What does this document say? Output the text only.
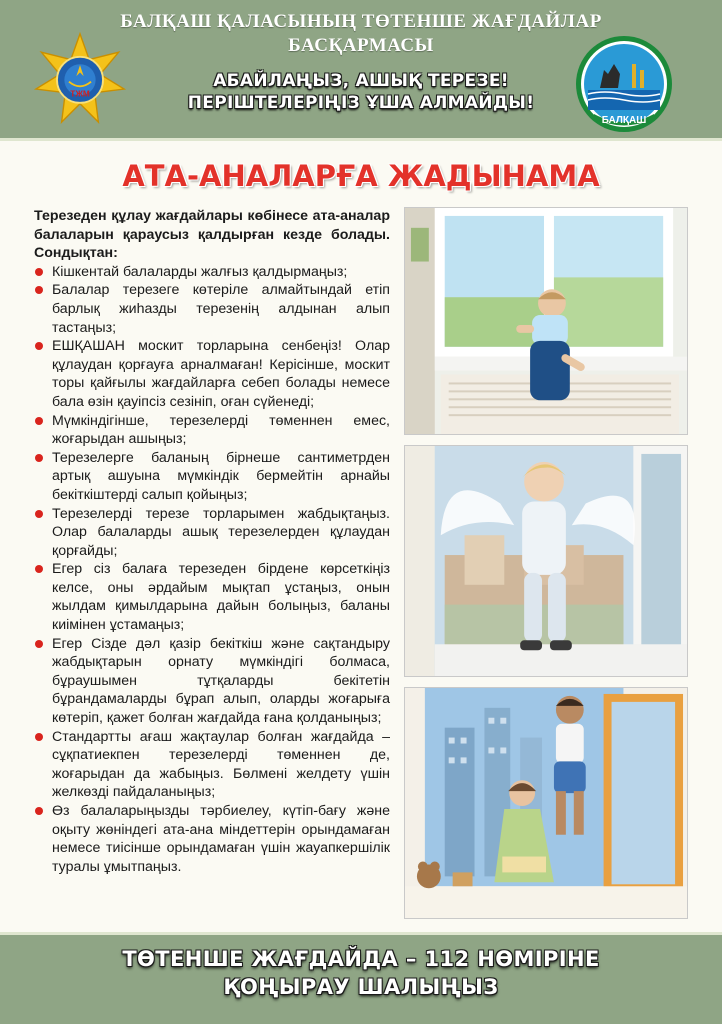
БАЛҚАШ ҚАЛАСЫНЫҢ ТӨТЕНШЕ ЖАҒДАЙЛАР
БАСҚАРМАСЫ
ТЖМ
БАЛҚАШ
АБАЙЛАҢЫЗ, АШЫҚ ТЕРЕЗЕ!
ПЕРІШТЕЛЕРІҢІЗ ҰША АЛМАЙДЫ!
АТА-АНАЛАРҒА ЖАДЫНАМА

Терезеден құлау жағдайлары көбінесе ата-аналар балаларын қараусыз қалдырған кезде болады. Сондықтан:

Кішкентай балаларды жалғыз қалдырмаңыз;
Балалар терезеге көтеріле алмайтындай етіп барлық жиһазды терезенің алдынан алып тастаңыз;
ЕШҚАШАН москит торларына сенбеңіз! Олар құлаудан қорғауға арналмаған! Керісінше, москит торы қайғылы жағдайларға себеп болады немесе бала өзін қауіпсіз сезініп, оған сүйенеді;
Мүмкіндігінше, терезелерді төменнен емес, жоғарыдан ашыңыз;
Терезелерге баланың бірнеше сантиметрден артық ашуына мүмкіндік бермейтін арнайы бекіткіштерді салып қойыңыз;
Терезелерді терезе торларымен жабдықтаңыз. Олар балаларды ашық терезелерден құлаудан қорғайды;
Егер сіз балаға терезеден бірдене көрсеткіңіз келсе, оны әрдайым мықтап ұстаңыз, онын жылдам қимылдарына дайын болыңыз, баланы киімінен ұстамаңыз;
Егер Сізде дәл қазір бекіткіш және сақтандыру жабдықтарын орнату мүмкіндігі болмаса, бұраушымен тұтқаларды бекітетін бұрандамаларды бұрап алып, оларды жоғарыға көтеріп, қажет болған жағдайда ғана қолданыңыз;
Стандартты ағаш жақтаулар болған жағдайда – сұқпатиекпен терезелерді төменнен де, жоғарыдан да жабыңыз. Бөлмені желдету үшін желкөзді пайдаланыңыз;
Өз балаларыңызды тәрбиелеу, күтіп-бағу және оқыту жөніндегі ата-ана міндеттерін орындамаған немесе тиісінше орындамаған үшін жауапкершілік туралы ұмытпаңыз.
ТӨТЕНШЕ ЖАҒДАЙДА – 112 НӨМІРІНЕ
ҚОҢЫРАУ ШАЛЫҢЫЗ
